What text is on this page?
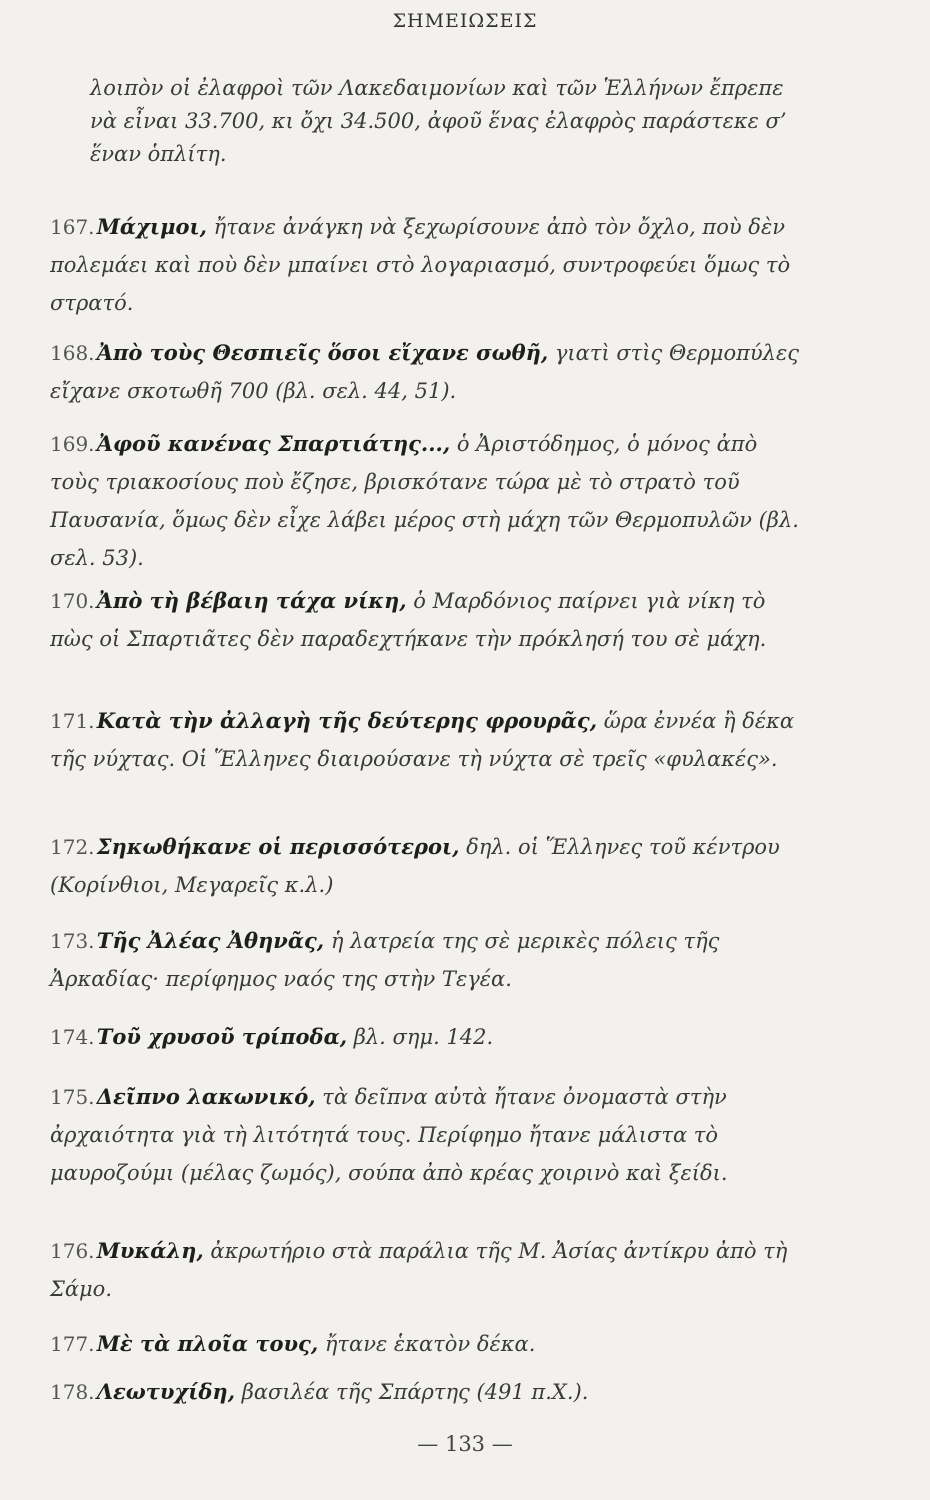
ΣΗΜΕΙΩΣΕΙΣ
λοιπὸν οἱ ἐλαφροὶ τῶν Λακεδαιμονίων καὶ τῶν Ἑλλήνων ἔπρεπε νὰ εἶναι 33.700, κι ὄχι 34.500, ἀφοῦ ἕνας ἐλαφρὸς παράστεκε σ’ ἕναν ὁπλίτη.
167. Μάχιμοι, ἤτανε ἀνάγκη νὰ ξεχωρίσουνε ἀπὸ τὸν ὄχλο, ποὺ δὲν πολεμάει καὶ ποὺ δὲν μπαίνει στὸ λογαριασμό, συντροφεύει ὅμως τὸ στρατό.
168. Ἀπὸ τοὺς Θεσπιεῖς ὅσοι εἴχανε σωθῆ, γιατὶ στὶς Θερμοπύλες εἴχανε σκοτωθῆ 700 (βλ. σελ. 44, 51).
169. Ἀφοῦ κανένας Σπαρτιάτης..., ὁ Ἀριστόδημος, ὁ μόνος ἀπὸ τοὺς τριακοσίους ποὺ ἔζησε, βρισκότανε τώρα μὲ τὸ στρατὸ τοῦ Παυσανία, ὅμως δὲν εἶχε λάβει μέρος στὴ μάχη τῶν Θερμοπυλῶν (βλ. σελ. 53).
170. Ἀπὸ τὴ βέβαιη τάχα νίκη, ὁ Μαρδόνιος παίρνει γιὰ νίκη τὸ πὼς οἱ Σπαρτιᾶτες δὲν παραδεχτήκανε τὴν πρόκλησή του σὲ μάχη.
171. Κατὰ τὴν ἀλλαγὴ τῆς δεύτερης φρουρᾶς, ὥρα ἐννέα ἢ δέκα τῆς νύχτας. Οἱ Ἕλληνες διαιρούσανε τὴ νύχτα σὲ τρεῖς «φυλακές».
172. Σηκωθήκανε οἱ περισσότεροι, δηλ. οἱ Ἕλληνες τοῦ κέντρου (Κορίνθιοι, Μεγαρεῖς κ.λ.)
173. Τῆς Ἀλέας Ἀθηνᾶς, ἡ λατρεία της σὲ μερικὲς πόλεις τῆς Ἀρκαδίας· περίφημος ναός της στὴν Τεγέα.
174. Τοῦ χρυσοῦ τρίποδα, βλ. σημ. 142.
175. Δεῖπνο λακωνικό, τὰ δεῖπνα αὐτὰ ἤτανε ὀνομαστὰ στὴν ἀρχαιότητα γιὰ τὴ λιτότητά τους. Περίφημο ἤτανε μάλιστα τὸ μαυροζούμι (μέλας ζωμός), σούπα ἀπὸ κρέας χοιρινὸ καὶ ξείδι.
176. Μυκάλη, ἀκρωτήριο στὰ παράλια τῆς Μ. Ἀσίας ἀντίκρυ ἀπὸ τὴ Σάμο.
177. Μὲ τὰ πλοῖα τους, ἤτανε ἑκατὸν δέκα.
178. Λεωτυχίδη, βασιλέα τῆς Σπάρτης (491 π.Χ.).
— 133 —
